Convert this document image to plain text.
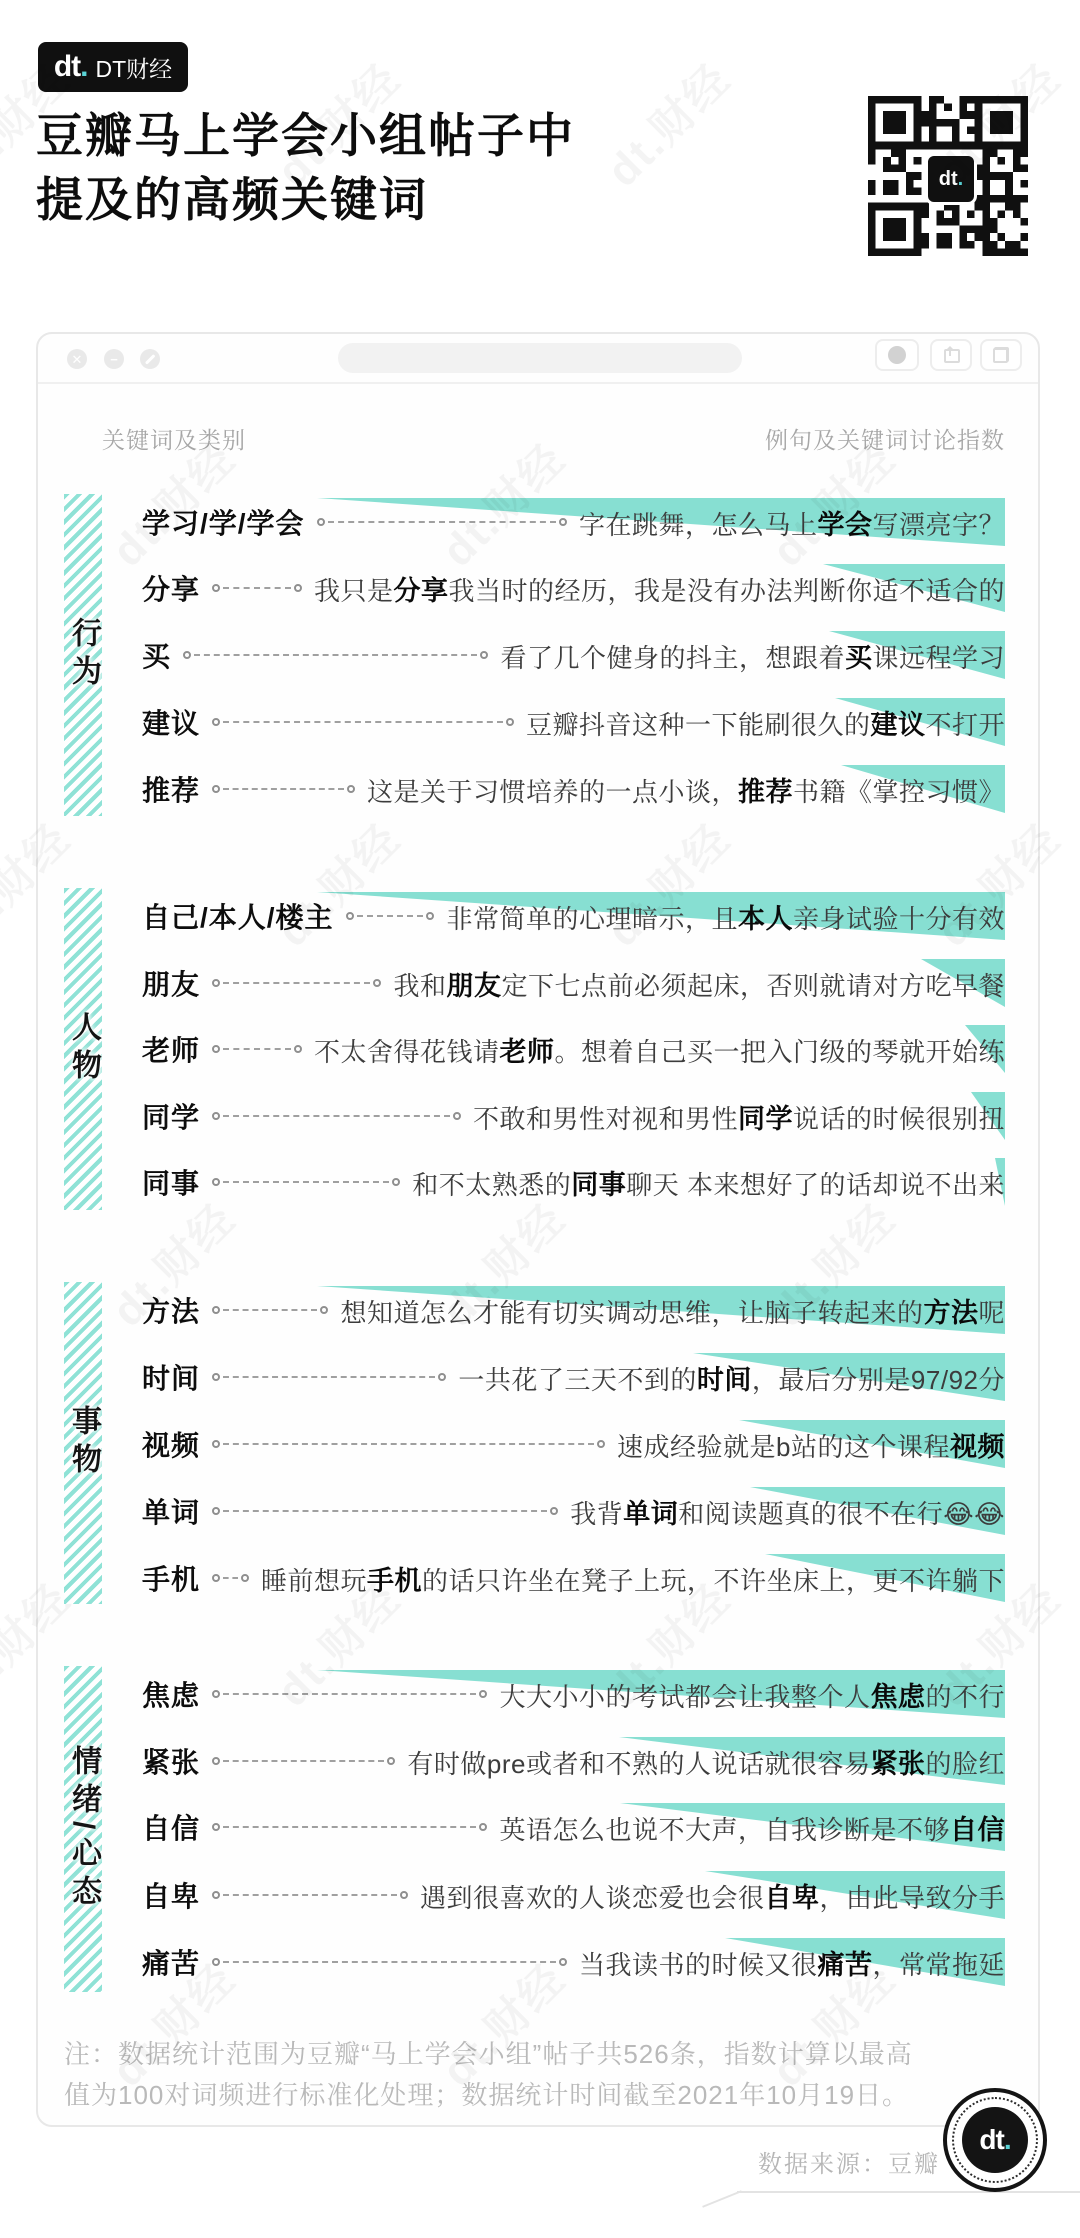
dt. DT财经
豆瓣马上学会小组帖子中
提及的高频关键词	dt.
✕	−
关键词及类别	例句及关键词讨论指数
行为
人物
事物
情绪/心态
学习/学/学会	字在跳舞，怎么马上学会写漂亮字？
分享	我只是分享我当时的经历，我是没有办法判断你适不适合的
买	看了几个健身的抖主，想跟着买课远程学习
建议	豆瓣抖音这种一下能刷很久的建议不打开
推荐	这是关于习惯培养的一点小谈，推荐书籍《掌控习惯》
自己/本人/楼主	非常简单的心理暗示，且本人亲身试验十分有效
朋友	我和朋友定下七点前必须起床，否则就请对方吃早餐
老师	不太舍得花钱请老师。想着自己买一把入门级的琴就开始练
同学	不敢和男性对视和男性同学说话的时候很别扭
同事	和不太熟悉的同事聊天 本来想好了的话却说不出来
方法	想知道怎么才能有切实调动思维，让脑子转起来的方法呢
时间	一共花了三天不到的时间，最后分别是97/92分
视频	速成经验就是b站的这个课程视频
单词	我背单词和阅读题真的很不在行😂😂
手机 睡前想玩手机的话只许坐在凳子上玩，不许坐床上，更不许躺下
焦虑	大大小小的考试都会让我整个人焦虑的不行
紧张	有时做pre或者和不熟的人说话就很容易紧张的脸红
自信	英语怎么也说不大声，自我诊断是不够自信
自卑	遇到很喜欢的人谈恋爱也会很自卑，由此导致分手
痛苦	当我读书的时候又很痛苦，常常拖延
注：数据统计范围为豆瓣“马上学会小组”帖子共526条，指数计算以最高
值为100对词频进行标准化处理；数据统计时间截至2021年10月19日。
数据来源：豆瓣
dt.
